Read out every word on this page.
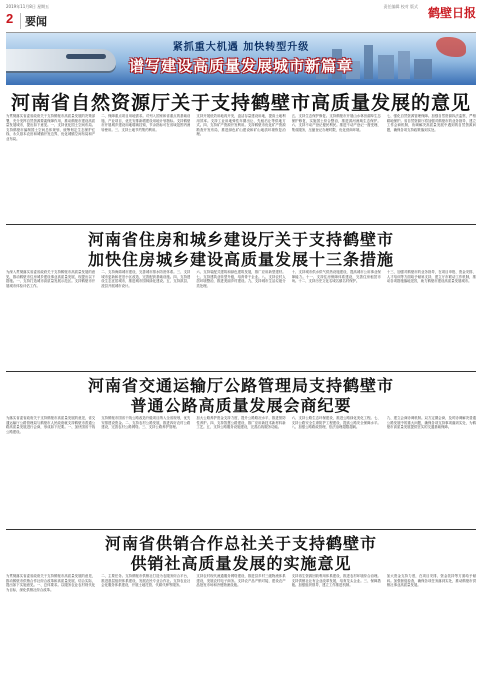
2019年11月8日 星期五
2	要闻
责任编辑 校对 版式 鹤壁日报
紧抓重大机遇 加快转型升级
谱写建设高质量发展城市新篇章
河南省自然资源厅关于支持鹤壁市高质量发展的意见
为贯彻落实省委省政府关于支持鹤壁市高质量发展的决策部署，充分发挥自然资源要素保障作用，推动鹤壁市建设高质量发展城市，提出如下意见。一、支持优化国土空间布局。支持鹤壁市编制国土空间总体规划，统筹划定生态保护红线、永久基本农田和城镇开发边界，优化城镇空间布局和产业布局。
二、保障重点项目用地需求。对列入国家和省重点的基础设施、产业项目，优先安排新增建设用地计划指标。支持鹤壁市开展城乡建设用地增减挂钩，节余指标可在省域范围内流转使用。三、支持土地节约集约利用。
支持开展低效用地再开发，盘活存量建设用地，提高土地利用效率。支持工业用地弹性年期出让、先租后让等供地方式。四、支持矿产资源开发利用。支持鹤壁市优化矿产资源勘查开发布局，推进绿色矿山建设和矿山地质环境恢复治理。
五、支持生态保护修复。支持鹤壁市开展山水林田湖草生态保护修复，实施国土综合整治，推进淇河流域生态保护。六、支持不动产登记便民利民。推进不动产登记一窗受理、集成服务，压缩登记办理时限，优化营商环境。
七、强化自然资源管理保障。加强自然资源执法监察，严格耕地保护。省自然资源厅将加强对鹤壁市的业务指导，建立工作会商机制，协调解决高质量发展中遇到的自然资源问题，确保各项支持政策落到实处。
河南省住房和城乡建设厅关于支持鹤壁市
加快住房城乡建设高质量发展十三条措施
为深入贯彻落实省委省政府关于支持鹤壁市高质量发展的意见，推动鹤壁市住房城乡建设事业高质量发展，现提出以下措施。一、支持打造城市高质量发展示范区。支持鹤壁市开展城市体检评估工作。
二、支持海绵城市建设，完善城市排水防涝体系。三、支持城市更新和老旧小区改造，完善配套基础设施。四、支持建设生态宜居城市，推进城市园林绿化建设。五、支持淇县、浚县开展城市设计。
六、支持装配式建筑和绿色建筑发展，推广应用新型建材。七、支持建筑业转型升级，培育骨干企业。八、支持农村人居环境整治，推进美丽乡村建设。九、支持城市生活垃圾分类处理。
十、支持城市供水供气供热设施建设，提高城市公用事业保障能力。十一、支持住房保障体系建设，完善住房租赁市场。十二、支持历史文化名城名镇名村保护。
十三、加强对鹤壁市的业务指导，在项目申报、资金安排、人才培训等方面给予倾斜支持，建立厅市联动工作机制，推动各项措施落地见效，助力鹤壁市建设高质量发展城市。
河南省交通运输厅公路管理局支持鹤壁市
普通公路高质量发展会商纪要
为落实省委省政府关于支持鹤壁市高质量发展的意见，省交通运输厅公路管理局与鹤壁市人民政府就支持鹤壁市普通公路高质量发展进行会商，形成如下纪要。一、加快国省干线公路建设。
支持鹤壁市国省干线公路改造升级项目纳入全省规划，优先安排建设资金。二、支持农村公路发展，推进四好农村公路建设，完善农村公路网络。三、支持公路养护管理。
加大公路养护资金支持力度，提升公路路况水平，推进预防性养护。四、支持智慧公路建设，推广应用新技术新材料新工艺。五、支持公路服务设施建设，完善沿线服务功能。
六、支持公路生态环保建设，推进公路绿化美化工程。七、支持公路安全生命防护工程建设，提高公路安全保障水平。八、加强公路路政管理，依法治理超限超载。
九、建立会商协调机制。双方定期会商，及时协调解决普通公路发展中的重大问题，确保各项支持事项落到实处，为鹤壁市高质量发展提供坚实的交通基础保障。
河南省供销合作总社关于支持鹤壁市
供销社高质量发展的实施意见
为贯彻落实省委省政府关于支持鹤壁市高质量发展的意见，推动鹤壁市供销合作社综合改革和高质量发展，结合实际，提出如下实施意见。一、总体要求。以服务农业农村现代化为目标，深化供销社综合改革。
二、主要任务。支持鹤壁市供销社打造为农服务综合平台，推进基层组织体系建设，发展农民专业合作社。支持农业社会化服务体系建设，开展土地托管、代耕代种等服务。
支持农村现代流通服务网络建设，推进县乡村三级物流体系建设，发展农村电子商务。支持农产品产销对接，建设农产品批发市场和冷链物流设施。
支持再生资源回收利用体系建设，推进农村环境综合治理。支持供销社社有企业改革发展，培育龙头企业。三、保障措施。加强组织领导，建立工作推进机制。
加大资金支持力度，在项目安排、资金扶持等方面给予倾斜。加强督促检查，确保各项任务落到实处，推动鹤壁市供销社事业高质量发展。
